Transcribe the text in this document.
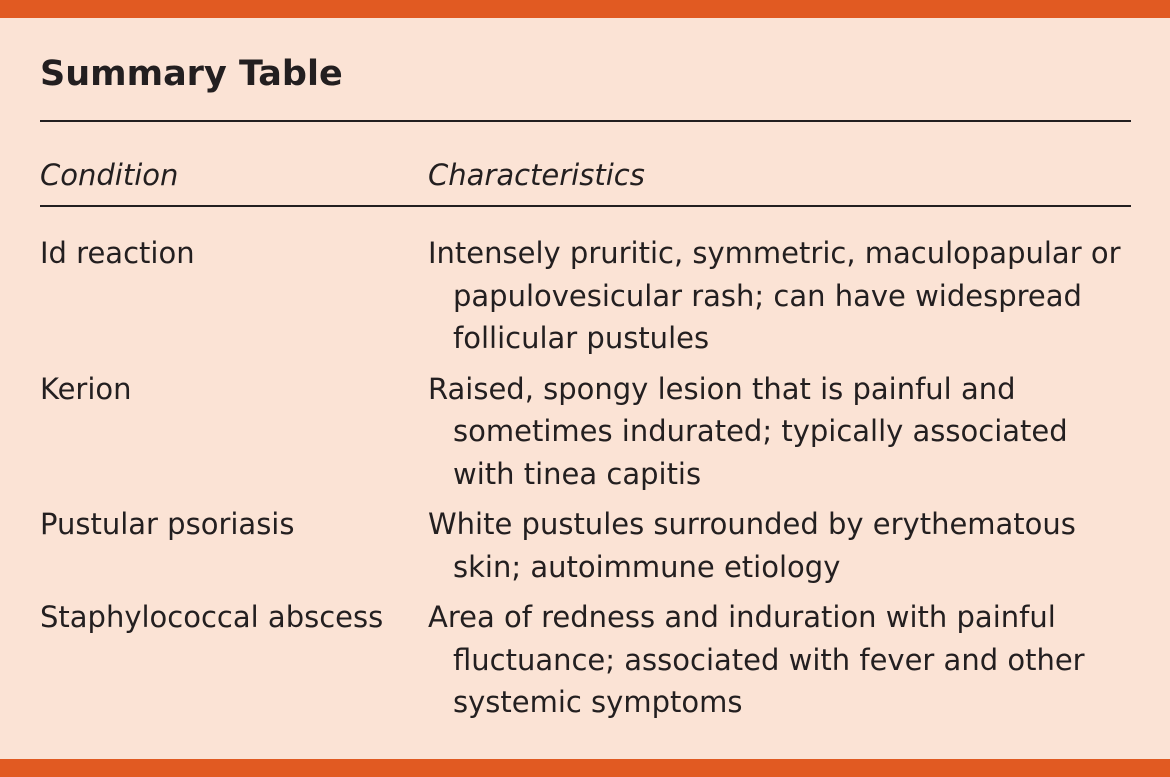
Summary Table
Condition	Characteristics
Id reaction	Intensely pruritic, symmetric, maculopapular or papulovesicular rash; can have widespread follicular pustules
Kerion	Raised, spongy lesion that is painful and sometimes indurated; typically associated with tinea capitis
Pustular psoriasis	White pustules surrounded by erythematous skin; autoimmune etiology
Staphylococcal abscess	Area of redness and induration with painful fluctuance; associated with fever and other systemic symptoms
